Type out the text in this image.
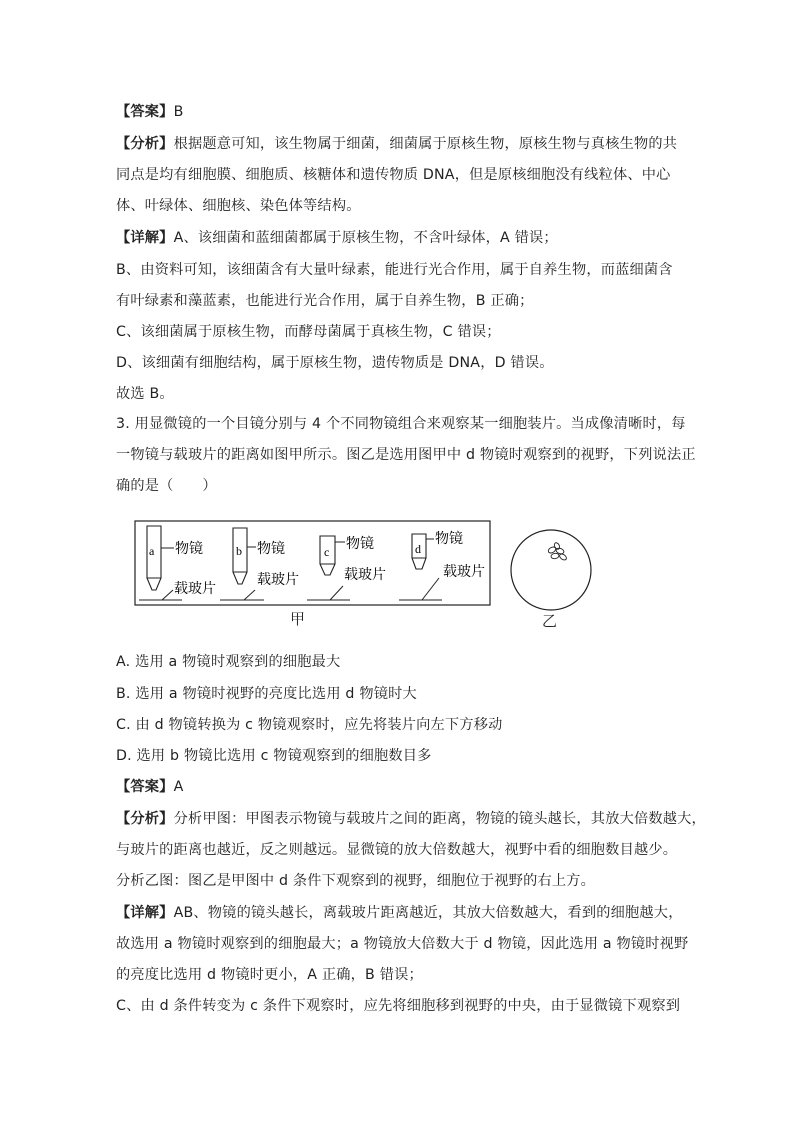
【答案】B
【分析】根据题意可知，该生物属于细菌，细菌属于原核生物，原核生物与真核生物的共
同点是均有细胞膜、细胞质、核糖体和遗传物质 DNA，但是原核细胞没有线粒体、中心
体、叶绿体、细胞核、染色体等结构。
【详解】A、该细菌和蓝细菌都属于原核生物，不含叶绿体，A 错误；
B、由资料可知，该细菌含有大量叶绿素，能进行光合作用，属于自养生物，而蓝细菌含
有叶绿素和藻蓝素，也能进行光合作用，属于自养生物，B 正确；
C、该细菌属于原核生物，而酵母菌属于真核生物，C 错误；
D、该细菌有细胞结构，属于原核生物，遗传物质是 DNA，D 错误。
故选 B。
3. 用显微镜的一个目镜分别与 4 个不同物镜组合来观察某一细胞装片。当成像清晰时，每
一物镜与载玻片的距离如图甲所示。图乙是选用图甲中 d 物镜时观察到的视野，下列说法正
确的是（　　）
a 物镜
载玻片
b 物镜
载玻片
c 物镜
载玻片
d
物镜
载玻片
甲	乙
A. 选用 a 物镜时观察到的细胞最大
B. 选用 a 物镜时视野的亮度比选用 d 物镜时大
C. 由 d 物镜转换为 c 物镜观察时，应先将装片向左下方移动
D. 选用 b 物镜比选用 c 物镜观察到的细胞数目多
【答案】A
【分析】分析甲图：甲图表示物镜与载玻片之间的距离，物镜的镜头越长，其放大倍数越大，
与玻片的距离也越近，反之则越远。显微镜的放大倍数越大，视野中看的细胞数目越少。
分析乙图：图乙是甲图中 d 条件下观察到的视野，细胞位于视野的右上方。
【详解】AB、物镜的镜头越长，离载玻片距离越近，其放大倍数越大，看到的细胞越大，
故选用 a 物镜时观察到的细胞最大；a 物镜放大倍数大于 d 物镜，因此选用 a 物镜时视野
的亮度比选用 d 物镜时更小，A 正确，B 错误；
C、由 d 条件转变为 c 条件下观察时，应先将细胞移到视野的中央，由于显微镜下观察到
